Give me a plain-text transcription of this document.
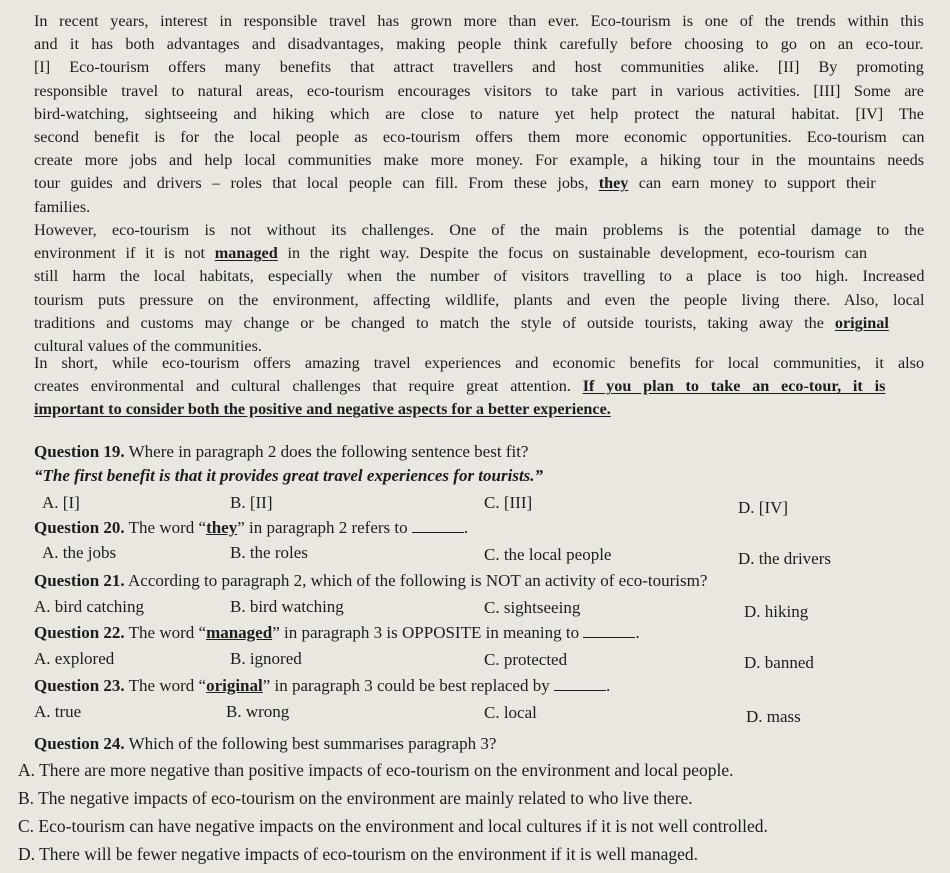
In recent years, interest in responsible travel has grown more than ever. Eco-tourism is one of the trends within this
and it has both advantages and disadvantages, making people think carefully before choosing to go on an eco-tour.
[I] Eco-tourism offers many benefits that attract travellers and host communities alike. [II] By promoting
responsible travel to natural areas, eco-tourism encourages visitors to take part in various activities. [III] Some are
bird-watching, sightseeing and hiking which are close to nature yet help protect the natural habitat. [IV] The
second benefit is for the local people as eco-tourism offers them more economic opportunities. Eco-tourism can
create more jobs and help local communities make more money. For example, a hiking tour in the mountains needs
tour guides and drivers – roles that local people can fill. From these jobs, they can earn money to support their
families.
However, eco-tourism is not without its challenges. One of the main problems is the potential damage to the
environment if it is not managed in the right way. Despite the focus on sustainable development, eco-tourism can
still harm the local habitats, especially when the number of visitors travelling to a place is too high. Increased
tourism puts pressure on the environment, affecting wildlife, plants and even the people living there. Also, local
traditions and customs may change or be changed to match the style of outside tourists, taking away the original
cultural values of the communities.
In short, while eco-tourism offers amazing travel experiences and economic benefits for local communities, it also
creates environmental and cultural challenges that require great attention. If you plan to take an eco-tour, it is
important to consider both the positive and negative aspects for a better experience.
Question 19. Where in paragraph 2 does the following sentence best fit?
“The first benefit is that it provides great travel experiences for tourists.”
A. [I]	B. [II]	C. [III]	D. [IV]
Question 20. The word “they” in paragraph 2 refers to	.
A. the jobs	B. the roles	C. the local people	D. the drivers
Question 21. According to paragraph 2, which of the following is NOT an activity of eco-tourism?
A. bird catching	B. bird watching	C. sightseeing	D. hiking
Question 22. The word “managed” in paragraph 3 is OPPOSITE in meaning to	.
A. explored	B. ignored	C. protected	D. banned
Question 23. The word “original” in paragraph 3 could be best replaced by	.
A. true	B. wrong	C. local	D. mass
Question 24. Which of the following best summarises paragraph 3?
A. There are more negative than positive impacts of eco-tourism on the environment and local people.
B. The negative impacts of eco-tourism on the environment are mainly related to who live there.
C. Eco-tourism can have negative impacts on the environment and local cultures if it is not well controlled.
D. There will be fewer negative impacts of eco-tourism on the environment if it is well managed.
